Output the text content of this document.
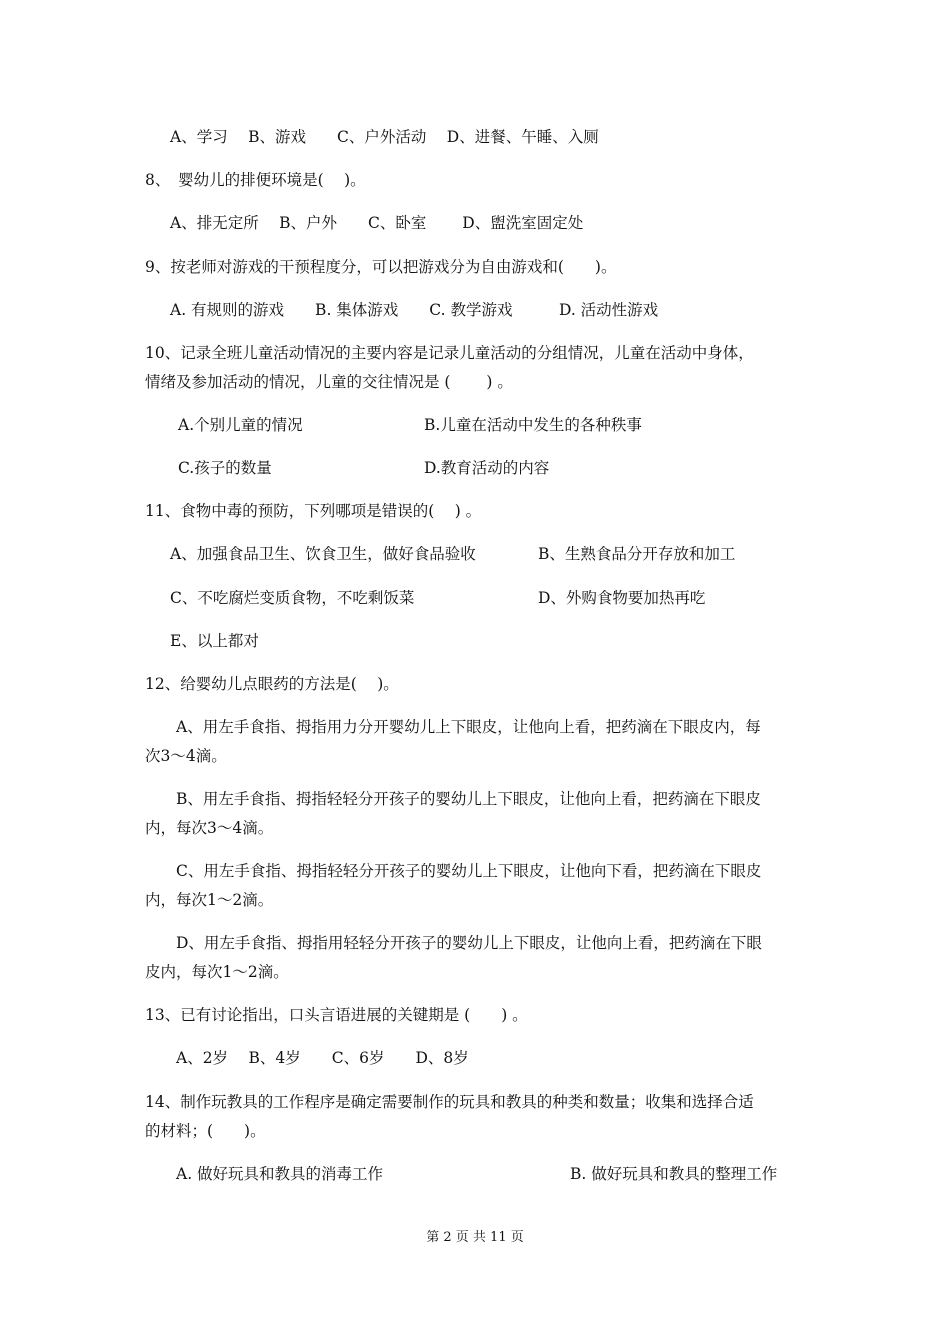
A、学习　 B、游戏　　C、户外活动　 D、进餐、午睡、入厕
8、　婴幼儿的排便环境是(　 )。
A、排无定所　 B、户外　　C、卧室　　 D、盥洗室固定处
9、按老师对游戏的干预程度分，可以把游戏分为自由游戏和(　　)。
A. 有规则的游戏　　B. 集体游戏　　C. 教学游戏　　　D. 活动性游戏
10、记录全班儿童活动情况的主要内容是记录儿童活动的分组情况，儿童在活动中身体，
情绪及参加活动的情况，儿童的交往情况是 (　　 ) 。
A.个别儿童的情况	B.儿童在活动中发生的各种秩事
C.孩子的数量	D.教育活动的内容
11、食物中毒的预防，下列哪项是错误的(　 ) 。
A、加强食品卫生、饮食卫生，做好食品验收	B、生熟食品分开存放和加工
C、不吃腐烂变质食物，不吃剩饭菜	D、外购食物要加热再吃
E、以上都对
12、给婴幼儿点眼药的方法是(　 )。
A、用左手食指、拇指用力分开婴幼儿上下眼皮，让他向上看，把药滴在下眼皮内，每
次3～4滴。
B、用左手食指、拇指轻轻分开孩子的婴幼儿上下眼皮，让他向上看，把药滴在下眼皮
内，每次3～4滴。
C、用左手食指、拇指轻轻分开孩子的婴幼儿上下眼皮，让他向下看，把药滴在下眼皮
内，每次1～2滴。
D、用左手食指、拇指用轻轻分开孩子的婴幼儿上下眼皮，让他向上看，把药滴在下眼
皮内，每次1～2滴。
13、已有讨论指出，口头言语进展的关键期是 (　　) 。
A、2岁　 B、4岁　　C、6岁　　D、8岁
14、制作玩教具的工作程序是确定需要制作的玩具和教具的种类和数量；收集和选择合适
的材料；(　　)。
A. 做好玩具和教具的消毒工作	B. 做好玩具和教具的整理工作
第 2 页 共 11 页
